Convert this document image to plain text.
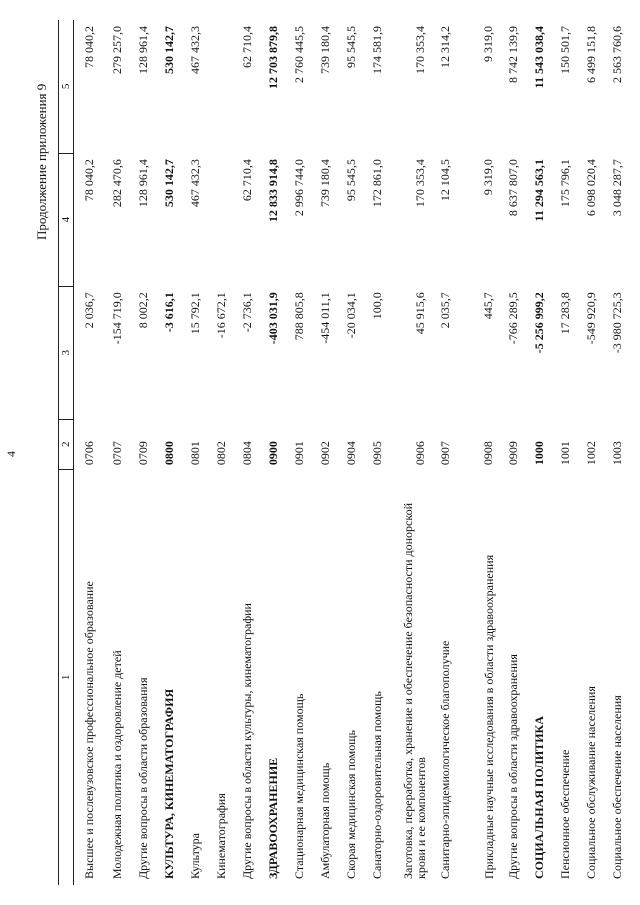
4
Продолжение приложения 9
1	2	3	4	5
Высшее и послевузовское профессиональное образование	0706	2 036,7	78 040,2	78 040,2
Молодежная политика и оздоровление детей	0707	-154 719,0	282 470,6	279 257,0
Другие вопросы в области образования	0709	8 002,2	128 961,4	128 961,4
КУЛЬТУРА, КИНЕМАТОГРАФИЯ	0800	-3 616,1	530 142,7	530 142,7
Культура	0801	15 792,1	467 432,3	467 432,3
Кинематография	0802	-16 672,1		
Другие вопросы в области культуры, кинематографии	0804	-2 736,1	62 710,4	62 710,4
ЗДРАВООХРАНЕНИЕ	0900	-403 031,9	12 833 914,8	12 703 879,8
Стационарная медицинская помощь	0901	788 805,8	2 996 744,0	2 760 445,5
Амбулаторная помощь	0902	-454 011,1	739 180,4	739 180,4
Скорая медицинская помощь	0904	-20 034,1	95 545,5	95 545,5
Санаторно-оздоровительная помощь	0905	100,0	172 861,0	174 581,9
Заготовка, переработка, хранение и обеспечение безопасности донорской крови и ее компонентов	0906	45 915,6	170 353,4	170 353,4
Санитарно-эпидемиологическое благополучие	0907	2 035,7	12 104,5	12 314,2
Прикладные научные исследования в области здравоохранения	0908	445,7	9 319,0	9 319,0
Другие вопросы в области здравоохранения	0909	-766 289,5	8 637 807,0	8 742 139,9
СОЦИАЛЬНАЯ ПОЛИТИКА	1000	-5 256 999,2	11 294 563,1	11 543 038,4
Пенсионное обеспечение	1001	17 283,8	175 796,1	150 501,7
Социальное обслуживание населения	1002	-549 920,9	6 098 020,4	6 499 151,8
Социальное обеспечение населения	1003	-3 980 725,3	3 048 287,7	2 563 760,6
